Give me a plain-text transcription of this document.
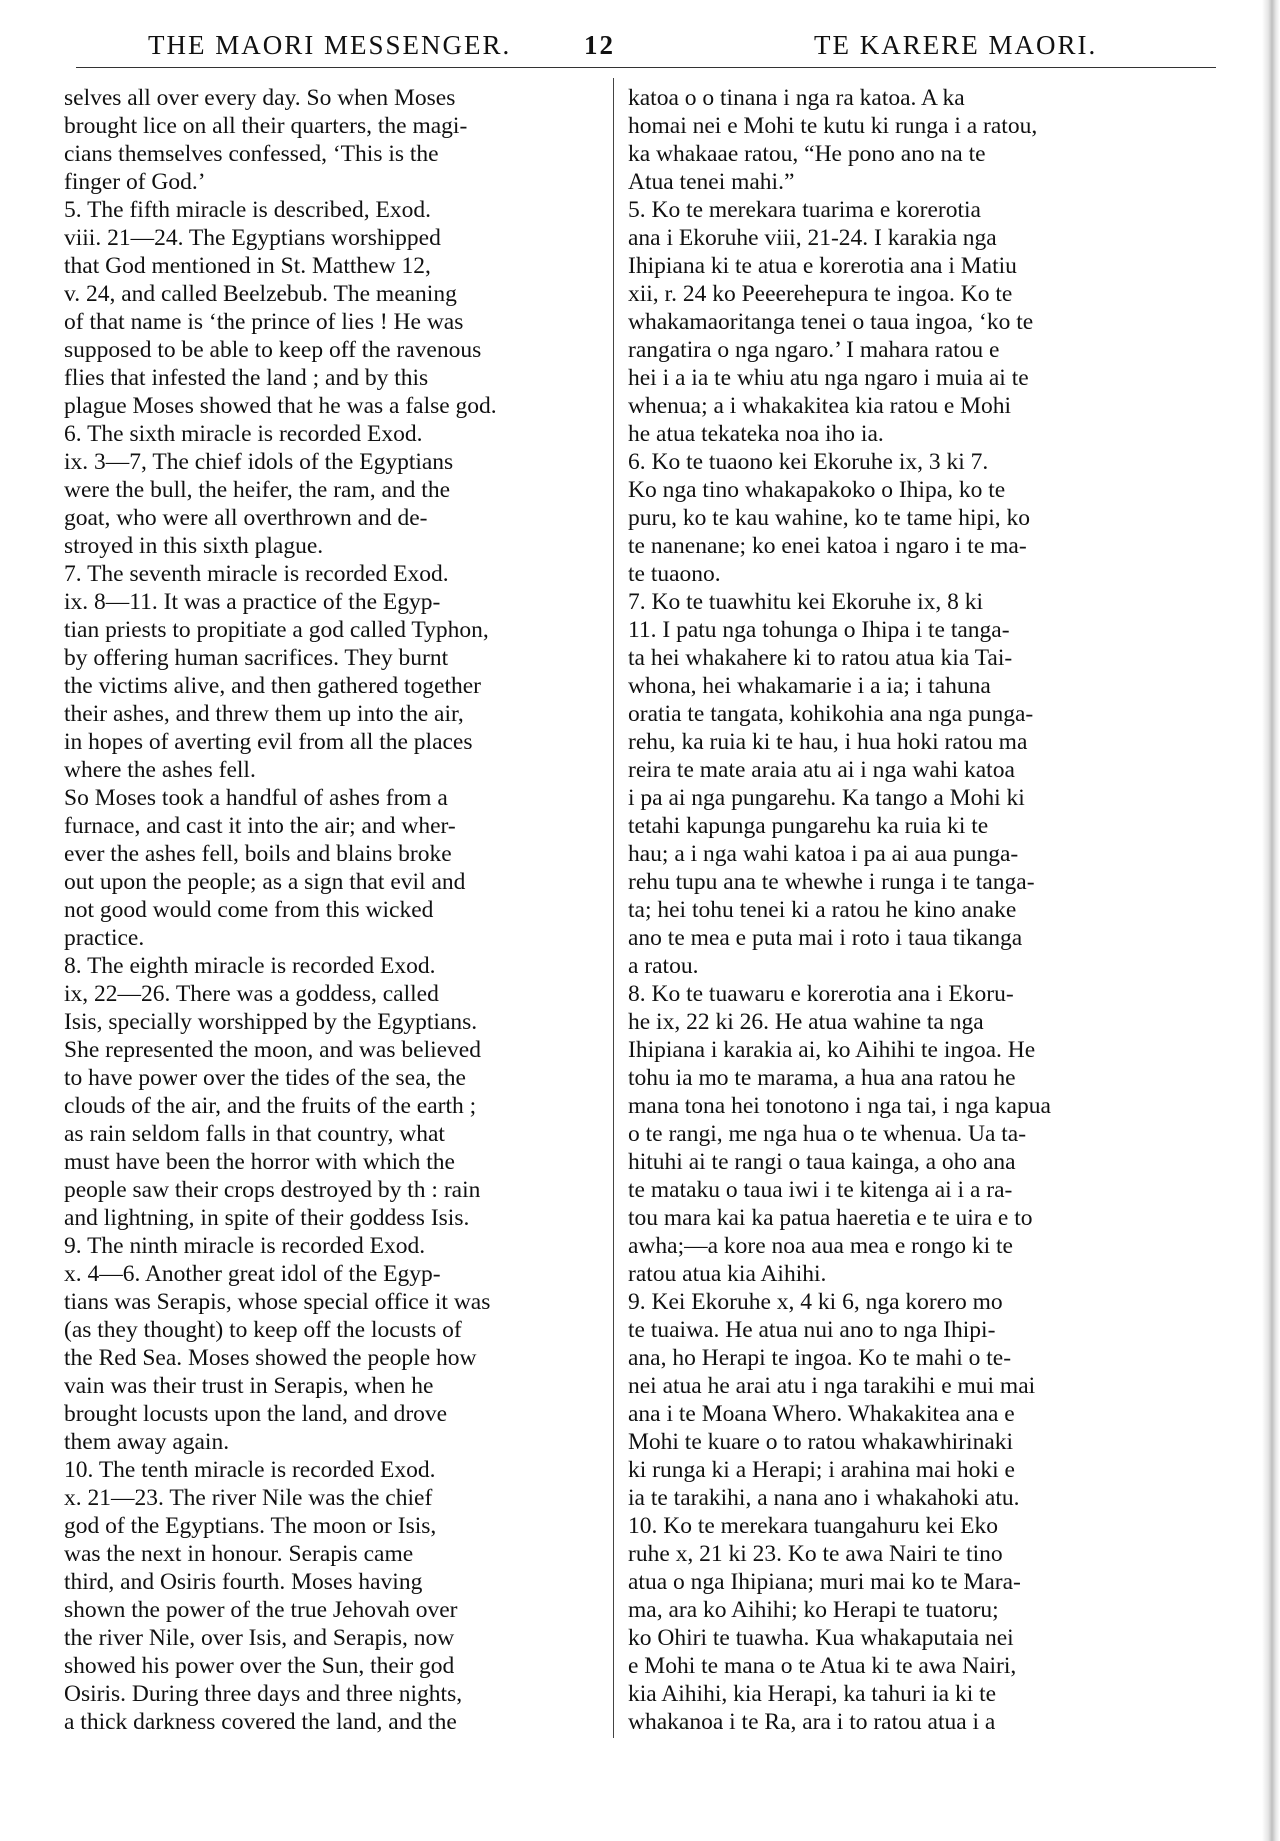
THE MAORI MESSENGER.	12	TE KARERE MAORI.
selves all over every day. So when Moses
brought lice on all their quarters, the magi-
cians themselves confessed, ‘This is the
finger of God.’
5. The fifth miracle is described, Exod.
viii. 21—24. The Egyptians worshipped
that God mentioned in St. Matthew 12,
v. 24, and called Beelzebub. The meaning
of that name is ‘the prince of lies ! He was
supposed to be able to keep off the ravenous
flies that infested the land ; and by this
plague Moses showed that he was a false god.
6. The sixth miracle is recorded Exod.
ix. 3—7, The chief idols of the Egyptians
were the bull, the heifer, the ram, and the
goat, who were all overthrown and de-
stroyed in this sixth plague.
7. The seventh miracle is recorded Exod.
ix. 8—11. It was a practice of the Egyp-
tian priests to propitiate a god called Typhon,
by offering human sacrifices. They burnt
the victims alive, and then gathered together
their ashes, and threw them up into the air,
in hopes of averting evil from all the places
where the ashes fell.
So Moses took a handful of ashes from a
furnace, and cast it into the air; and wher-
ever the ashes fell, boils and blains broke
out upon the people; as a sign that evil and
not good would come from this wicked
practice.
8. The eighth miracle is recorded Exod.
ix, 22—26. There was a goddess, called
Isis, specially worshipped by the Egyptians.
She represented the moon, and was believed
to have power over the tides of the sea, the
clouds of the air, and the fruits of the earth ;
as rain seldom falls in that country, what
must have been the horror with which the
people saw their crops destroyed by th : rain
and lightning, in spite of their goddess Isis.
9. The ninth miracle is recorded Exod.
x. 4—6. Another great idol of the Egyp-
tians was Serapis, whose special office it was
(as they thought) to keep off the locusts of
the Red Sea. Moses showed the people how
vain was their trust in Serapis, when he
brought locusts upon the land, and drove
them away again.
10. The tenth miracle is recorded Exod.
x. 21—23. The river Nile was the chief
god of the Egyptians. The moon or Isis,
was the next in honour. Serapis came
third, and Osiris fourth. Moses having
shown the power of the true Jehovah over
the river Nile, over Isis, and Serapis, now
showed his power over the Sun, their god
Osiris. During three days and three nights,
a thick darkness covered the land, and the
katoa o o tinana i nga ra katoa. A ka
homai nei e Mohi te kutu ki runga i a ratou,
ka whakaae ratou, “He pono ano na te
Atua tenei mahi.”
5. Ko te merekara tuarima e korerotia
ana i Ekoruhe viii, 21-24. I karakia nga
Ihipiana ki te atua e korerotia ana i Matiu
xii, r. 24 ko Peeerehepura te ingoa. Ko te
whakamaoritanga tenei o taua ingoa, ‘ko te
rangatira o nga ngaro.’ I mahara ratou e
hei i a ia te whiu atu nga ngaro i muia ai te
whenua; a i whakakitea kia ratou e Mohi
he atua tekateka noa iho ia.
6. Ko te tuaono kei Ekoruhe ix, 3 ki 7.
Ko nga tino whakapakoko o Ihipa, ko te
puru, ko te kau wahine, ko te tame hipi, ko
te nanenane; ko enei katoa i ngaro i te ma-
te tuaono.
7. Ko te tuawhitu kei Ekoruhe ix, 8 ki
11. I patu nga tohunga o Ihipa i te tanga-
ta hei whakahere ki to ratou atua kia Tai-
whona, hei whakamarie i a ia; i tahuna
oratia te tangata, kohikohia ana nga punga-
rehu, ka ruia ki te hau, i hua hoki ratou ma
reira te mate araia atu ai i nga wahi katoa
i pa ai nga pungarehu. Ka tango a Mohi ki
tetahi kapunga pungarehu ka ruia ki te
hau; a i nga wahi katoa i pa ai aua punga-
rehu tupu ana te whewhe i runga i te tanga-
ta; hei tohu tenei ki a ratou he kino anake
ano te mea e puta mai i roto i taua tikanga
a ratou.
8. Ko te tuawaru e korerotia ana i Ekoru-
he ix, 22 ki 26. He atua wahine ta nga
Ihipiana i karakia ai, ko Aihihi te ingoa. He
tohu ia mo te marama, a hua ana ratou he
mana tona hei tonotono i nga tai, i nga kapua
o te rangi, me nga hua o te whenua. Ua ta-
hituhi ai te rangi o taua kainga, a oho ana
te mataku o taua iwi i te kitenga ai i a ra-
tou mara kai ka patua haeretia e te uira e to
awha;—a kore noa aua mea e rongo ki te
ratou atua kia Aihihi.
9. Kei Ekoruhe x, 4 ki 6, nga korero mo
te tuaiwa. He atua nui ano to nga Ihipi-
ana, ho Herapi te ingoa. Ko te mahi o te-
nei atua he arai atu i nga tarakihi e mui mai
ana i te Moana Whero. Whakakitea ana e
Mohi te kuare o to ratou whakawhirinaki
ki runga ki a Herapi; i arahina mai hoki e
ia te tarakihi, a nana ano i whakahoki atu.
10. Ko te merekara tuangahuru kei Eko
ruhe x, 21 ki 23. Ko te awa Nairi te tino
atua o nga Ihipiana; muri mai ko te Mara-
ma, ara ko Aihihi; ko Herapi te tuatoru;
ko Ohiri te tuawha. Kua whakaputaia nei
e Mohi te mana o te Atua ki te awa Nairi,
kia Aihihi, kia Herapi, ka tahuri ia ki te
whakanoa i te Ra, ara i to ratou atua i a
